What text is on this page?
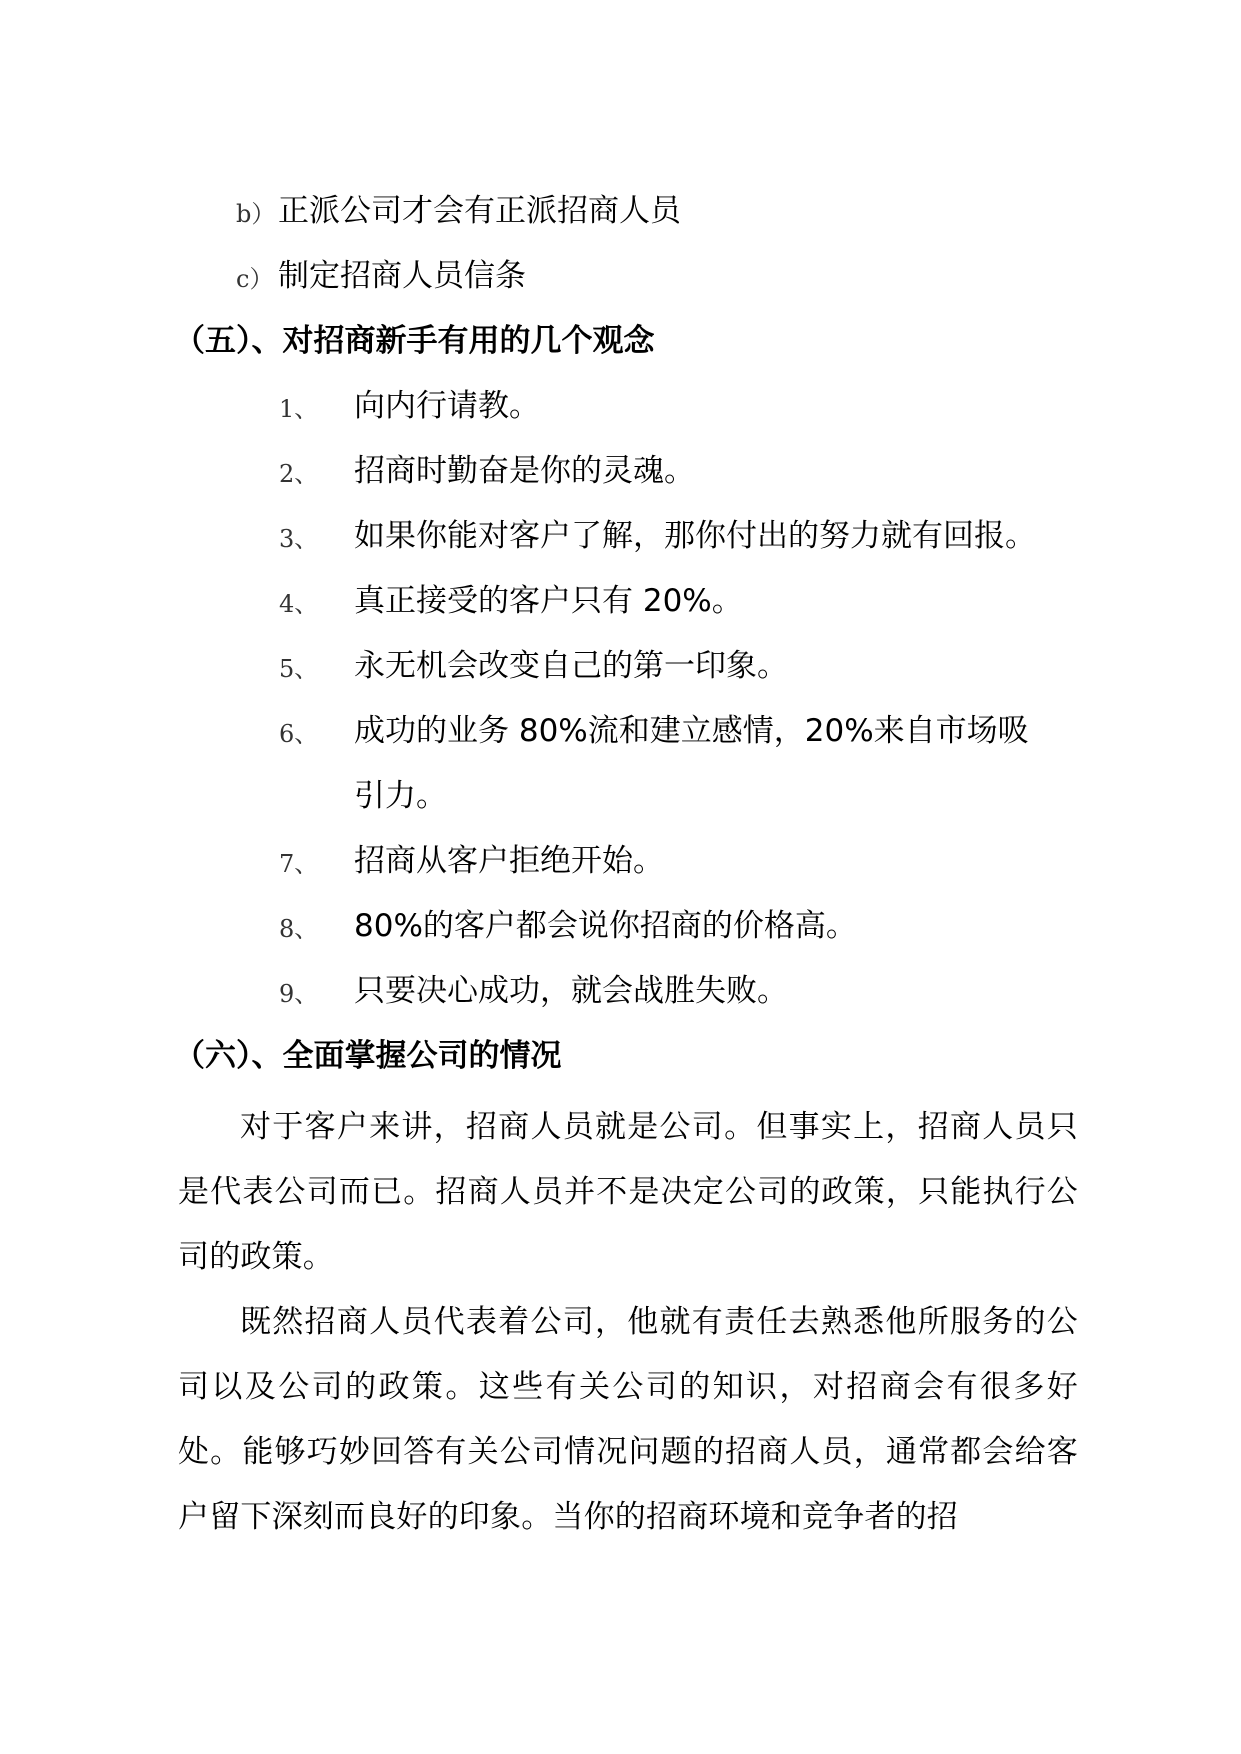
b） 正派公司才会有正派招商人员
c） 制定招商人员信条
（五）、对招商新手有用的几个观念
1、 向内行请教。
2、 招商时勤奋是你的灵魂。
3、 如果你能对客户了解，那你付出的努力就有回报。
4、 真正接受的客户只有 20%。
5、 永无机会改变自己的第一印象。
6、 成功的业务 80%流和建立感情，20%来自市场吸
引力。
7、 招商从客户拒绝开始。
8、 80%的客户都会说你招商的价格高。
9、 只要决心成功，就会战胜失败。
（六）、全面掌握公司的情况

对于客户来讲，招商人员就是公司。但事实上，招商人员只是代表公司而已。招商人员并不是决定公司的政策，只能执行公司的政策。

既然招商人员代表着公司，他就有责任去熟悉他所服务的公司以及公司的政策。这些有关公司的知识，对招商会有很多好处。能够巧妙回答有关公司情况问题的招商人员，通常都会给客户留下深刻而良好的印象。当你的招商环境和竞争者的招
